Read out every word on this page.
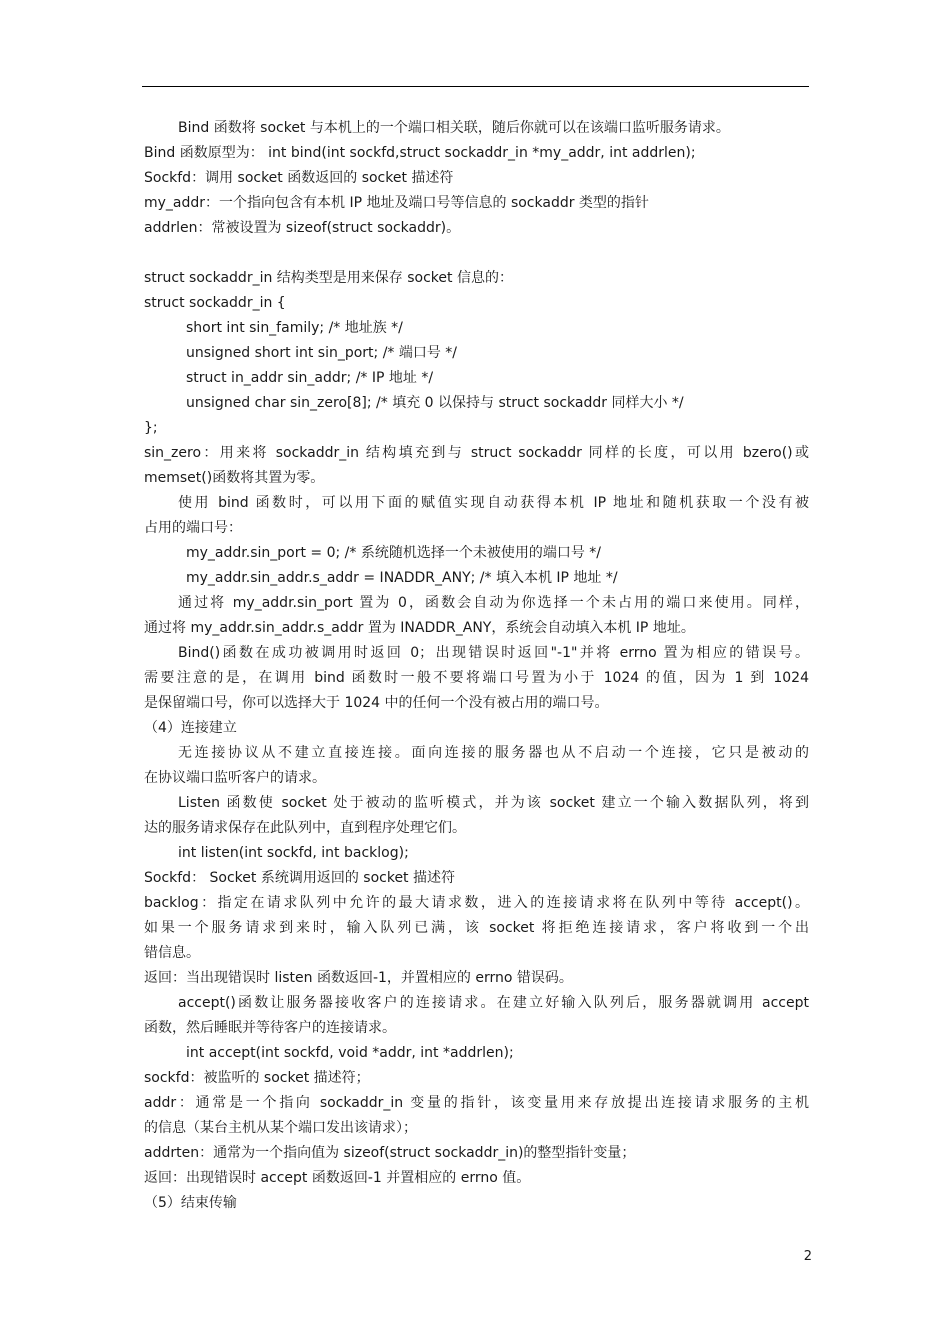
Bind 函数将 socket 与本机上的一个端口相关联，随后你就可以在该端口监听服务请求。
Bind 函数原型为： int bind(int sockfd,struct sockaddr_in *my_addr, int addrlen);
Sockfd：调用 socket 函数返回的 socket 描述符
my_addr：一个指向包含有本机 IP 地址及端口号等信息的 sockaddr 类型的指针
addrlen：常被设置为 sizeof(struct sockaddr)。
struct sockaddr_in 结构类型是用来保存 socket 信息的：
struct sockaddr_in {
short int sin_family; /* 地址族 */
unsigned short int sin_port; /* 端口号 */
struct in_addr sin_addr; /* IP 地址 */
unsigned char sin_zero[8]; /* 填充 0 以保持与 struct sockaddr 同样大小 */
};
sin_zero：用来将 sockaddr_in 结构填充到与 struct sockaddr 同样的长度，可以用 bzero()或
memset()函数将其置为零。
使用 bind 函数时，可以用下面的赋值实现自动获得本机 IP 地址和随机获取一个没有被
占用的端口号：
my_addr.sin_port = 0; /* 系统随机选择一个未被使用的端口号 */
my_addr.sin_addr.s_addr = INADDR_ANY; /* 填入本机 IP 地址 */
通过将 my_addr.sin_port 置为 0，函数会自动为你选择一个未占用的端口来使用。同样，
通过将 my_addr.sin_addr.s_addr 置为 INADDR_ANY，系统会自动填入本机 IP 地址。
Bind()函数在成功被调用时返回 0；出现错误时返回"-1"并将 errno 置为相应的错误号。
需要注意的是，在调用 bind 函数时一般不要将端口号置为小于 1024 的值，因为 1 到 1024
是保留端口号，你可以选择大于 1024 中的任何一个没有被占用的端口号。
（4）连接建立
无连接协议从不建立直接连接。面向连接的服务器也从不启动一个连接，它只是被动的
在协议端口监听客户的请求。
Listen 函数使 socket 处于被动的监听模式，并为该 socket 建立一个输入数据队列，将到
达的服务请求保存在此队列中，直到程序处理它们。
int listen(int sockfd, int backlog);
Sockfd： Socket 系统调用返回的 socket 描述符
backlog：指定在请求队列中允许的最大请求数，进入的连接请求将在队列中等待 accept()。
如果一个服务请求到来时，输入队列已满，该 socket 将拒绝连接请求，客户将收到一个出
错信息。
返回：当出现错误时 listen 函数返回-1，并置相应的 errno 错误码。
accept()函数让服务器接收客户的连接请求。在建立好输入队列后，服务器就调用 accept
函数，然后睡眠并等待客户的连接请求。
int accept(int sockfd, void *addr, int *addrlen);
sockfd：被监听的 socket 描述符；
addr：通常是一个指向 sockaddr_in 变量的指针，该变量用来存放提出连接请求服务的主机
的信息（某台主机从某个端口发出该请求）；
addrten：通常为一个指向值为 sizeof(struct sockaddr_in)的整型指针变量；
返回：出现错误时 accept 函数返回-1 并置相应的 errno 值。
（5）结束传输
2
